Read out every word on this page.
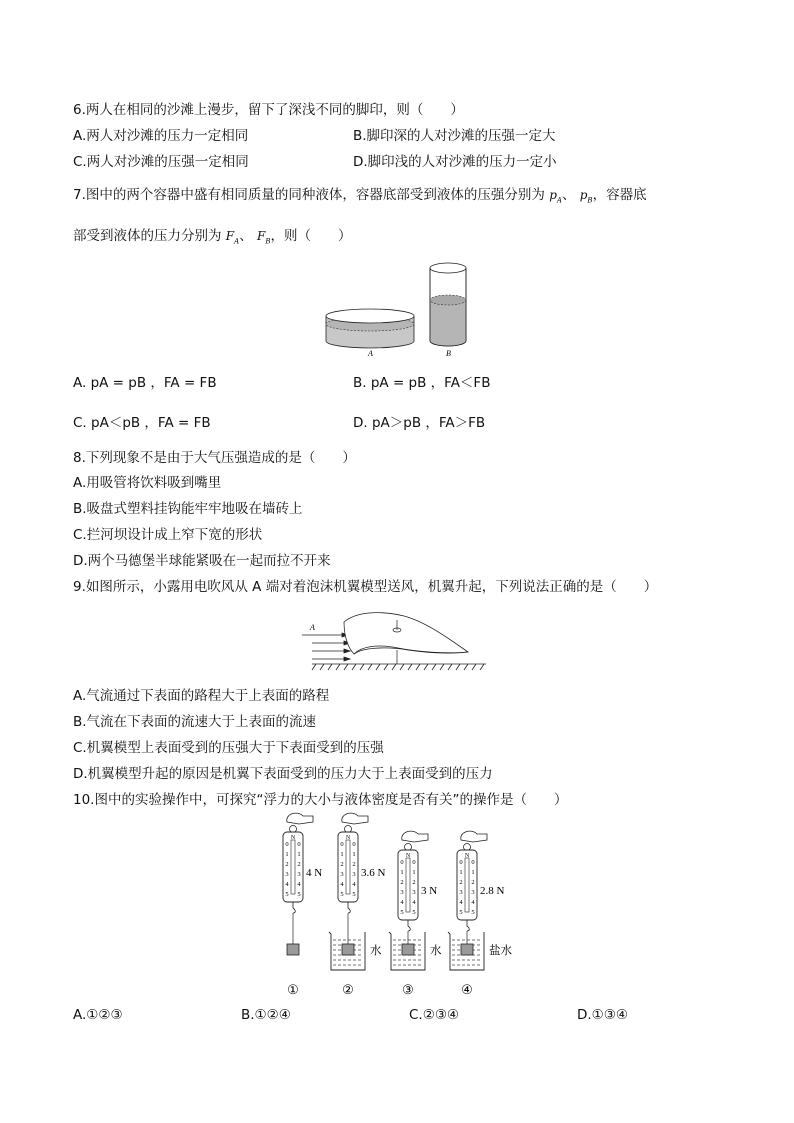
6.两人在相同的沙滩上漫步，留下了深浅不同的脚印，则（　　）
A.两人对沙滩的压力一定相同	B.脚印深的人对沙滩的压强一定大
C.两人对沙滩的压强一定相同	D.脚印浅的人对沙滩的压力一定小
7.图中的两个容器中盛有相同质量的同种液体，容器底部受到液体的压强分别为 $p_A$、 $p_B$，容器底
部受到液体的压力分别为 $F_A$、 $F_B$，则（　　）
A	B
A. pA = pB ，FA = FB	B. pA = pB ，FA＜FB
C. pA＜pB ，FA = FB	D. pA＞pB ，FA＞FB
8.下列现象不是由于大气压强造成的是（　　）
A.用吸管将饮料吸到嘴里
B.吸盘式塑料挂钩能牢牢地吸在墙砖上
C.拦河坝设计成上窄下宽的形状
D.两个马德堡半球能紧吸在一起而拉不开来
9.如图所示，小露用电吹风从 A 端对着泡沫机翼模型送风，机翼升起，下列说法正确的是（　　）
A
A.气流通过下表面的路程大于上表面的路程
B.气流在下表面的流速大于上表面的流速
C.机翼模型上表面受到的压强大于下表面受到的压强
D.机翼模型升起的原因是机翼下表面受到的压力大于上表面受到的压力
10.图中的实验操作中，可探究“浮力的大小与液体密度是否有关”的操作是（　　）
N
0 0
1 1
2 2
3 3
4 4
5 5
4 N
①
N
0 0
1 1
2 2
3 3
4 4
5 5
3.6 N
水
②
N
0 0
1 1
2 2
3 3
4 4
5 5
3 N
水
③
N
0 0
1 1
2 2
3 3
4 4
5 5
2.8 N
盐水
④
A.①②③	B.①②④	C.②③④	D.①③④
